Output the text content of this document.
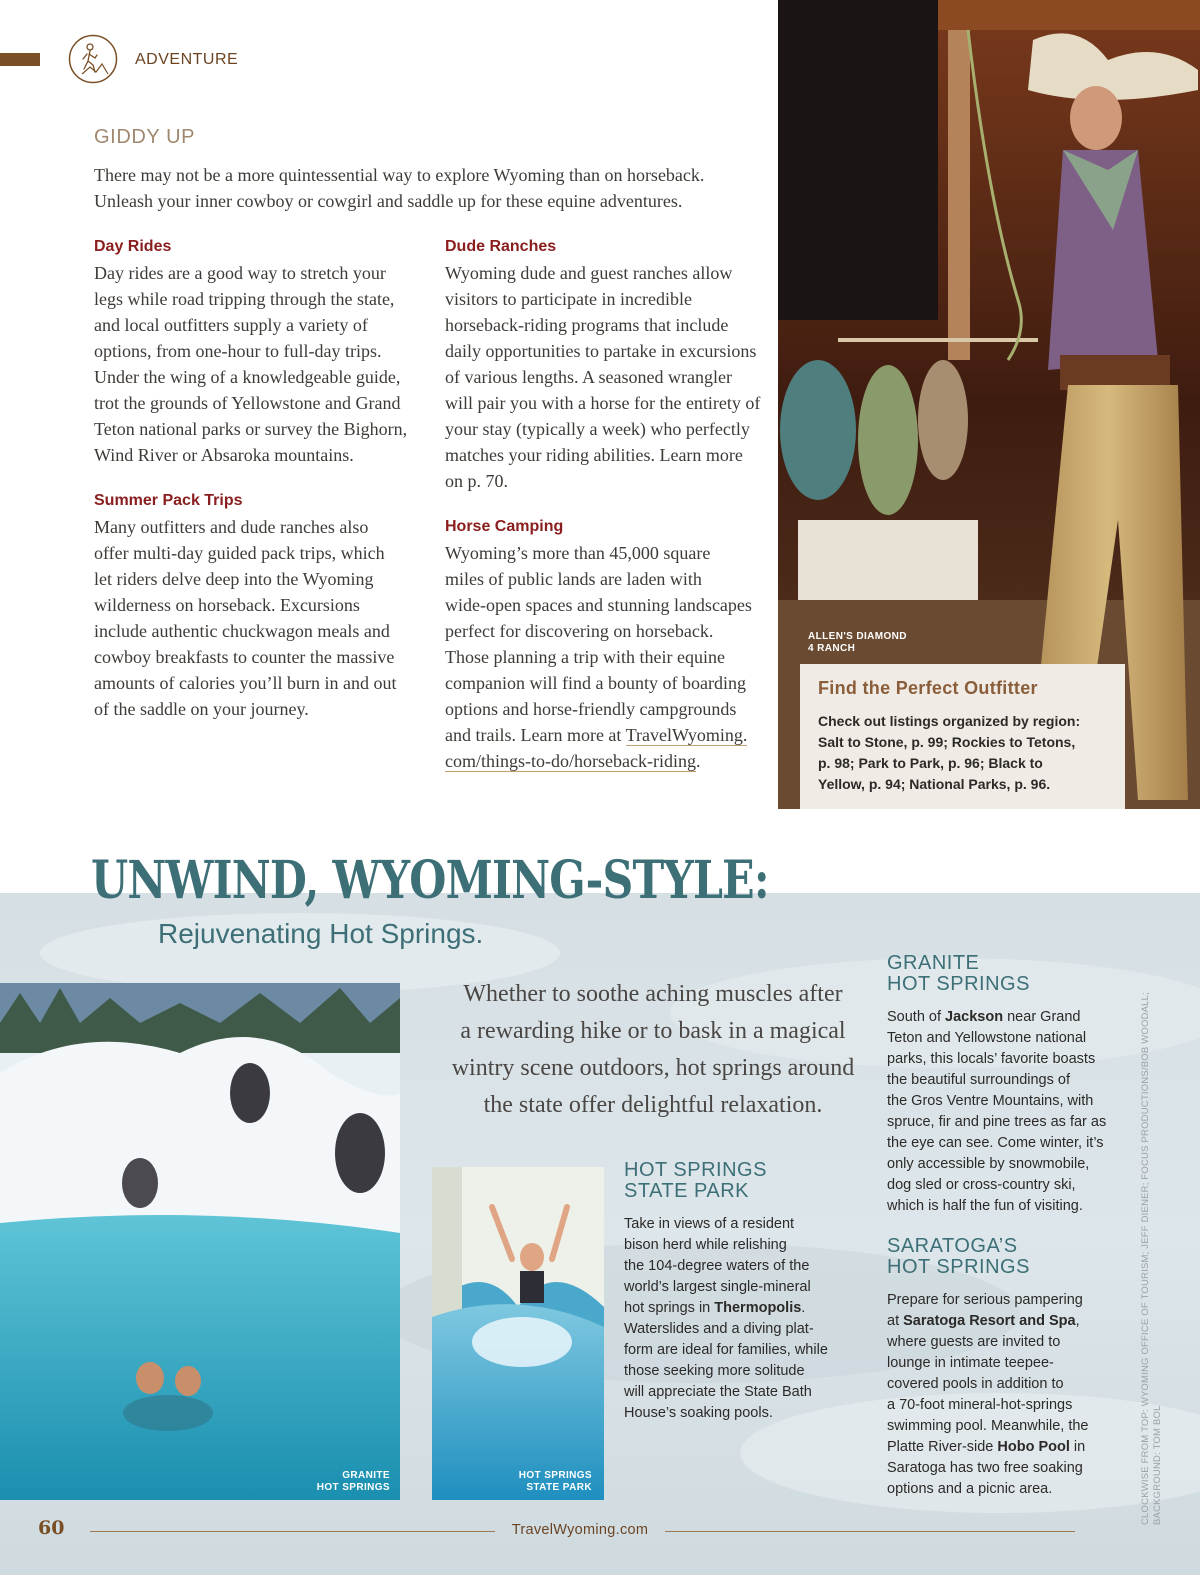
ADVENTURE
GIDDY UP
There may not be a more quintessential way to explore Wyoming than on horseback.
Unleash your inner cowboy or cowgirl and saddle up for these equine adventures.
Day Rides
Day rides are a good way to stretch your
legs while road tripping through the state,
and local outfitters supply a variety of
options, from one-hour to full-day trips.
Under the wing of a knowledgeable guide,
trot the grounds of Yellowstone and Grand
Teton national parks or survey the Bighorn,
Wind River or Absaroka mountains.
Summer Pack Trips
Many outfitters and dude ranches also
offer multi-day guided pack trips, which
let riders delve deep into the Wyoming
wilderness on horseback. Excursions
include authentic chuckwagon meals and
cowboy breakfasts to counter the massive
amounts of calories you’ll burn in and out
of the saddle on your journey.
Dude Ranches
Wyoming dude and guest ranches allow
visitors to participate in incredible
horseback-riding programs that include
daily opportunities to partake in excursions
of various lengths. A seasoned wrangler
will pair you with a horse for the entirety of
your stay (typically a week) who perfectly
matches your riding abilities. Learn more
on p. 70.
Horse Camping
Wyoming’s more than 45,000 square
miles of public lands are laden with
wide-open spaces and stunning landscapes
perfect for discovering on horseback.
Those planning a trip with their equine
companion will find a bounty of boarding
options and horse-friendly campgrounds
and trails. Learn more at TravelWyoming.
com/things-to-do/horseback-riding.
ALLEN'S DIAMOND
4 RANCH
Find the Perfect Outfitter
Check out listings organized by region:
Salt to Stone, p. 99; Rockies to Tetons,
p. 98; Park to Park, p. 96; Black to
Yellow, p. 94; National Parks, p. 96.
UNWIND, WYOMING-STYLE:
Rejuvenating Hot Springs.
GRANITE
HOT SPRINGS
Whether to soothe aching muscles after
a rewarding hike or to bask in a magical
wintry scene outdoors, hot springs around
the state offer delightful relaxation.
HOT SPRINGS
STATE PARK
HOT SPRINGS
STATE PARK
Take in views of a resident
bison herd while relishing
the 104-degree waters of the
world’s largest single-mineral
hot springs in Thermopolis.
Waterslides and a diving plat-
form are ideal for families, while
those seeking more solitude
will appreciate the State Bath
House’s soaking pools.
GRANITE
HOT SPRINGS
South of Jackson near Grand
Teton and Yellowstone national
parks, this locals’ favorite boasts
the beautiful surroundings of
the Gros Ventre Mountains, with
spruce, fir and pine trees as far as
the eye can see. Come winter, it’s
only accessible by snowmobile,
dog sled or cross-country ski,
which is half the fun of visiting.
SARATOGA’S
HOT SPRINGS
Prepare for serious pampering
at Saratoga Resort and Spa,
where guests are invited to
lounge in intimate teepee-
covered pools in addition to
a 70-foot mineral-hot-springs
swimming pool. Meanwhile, the
Platte River-side Hobo Pool in
Saratoga has two free soaking
options and a picnic area.	CLOCKWISE FROM TOP: WYOMING OFFICE OF TOURISM; JEFF DIENER; FOCUS PRODUCTIONS/BOB WOODALL; BACKGROUND: TOM BOL
60	TravelWyoming.com
